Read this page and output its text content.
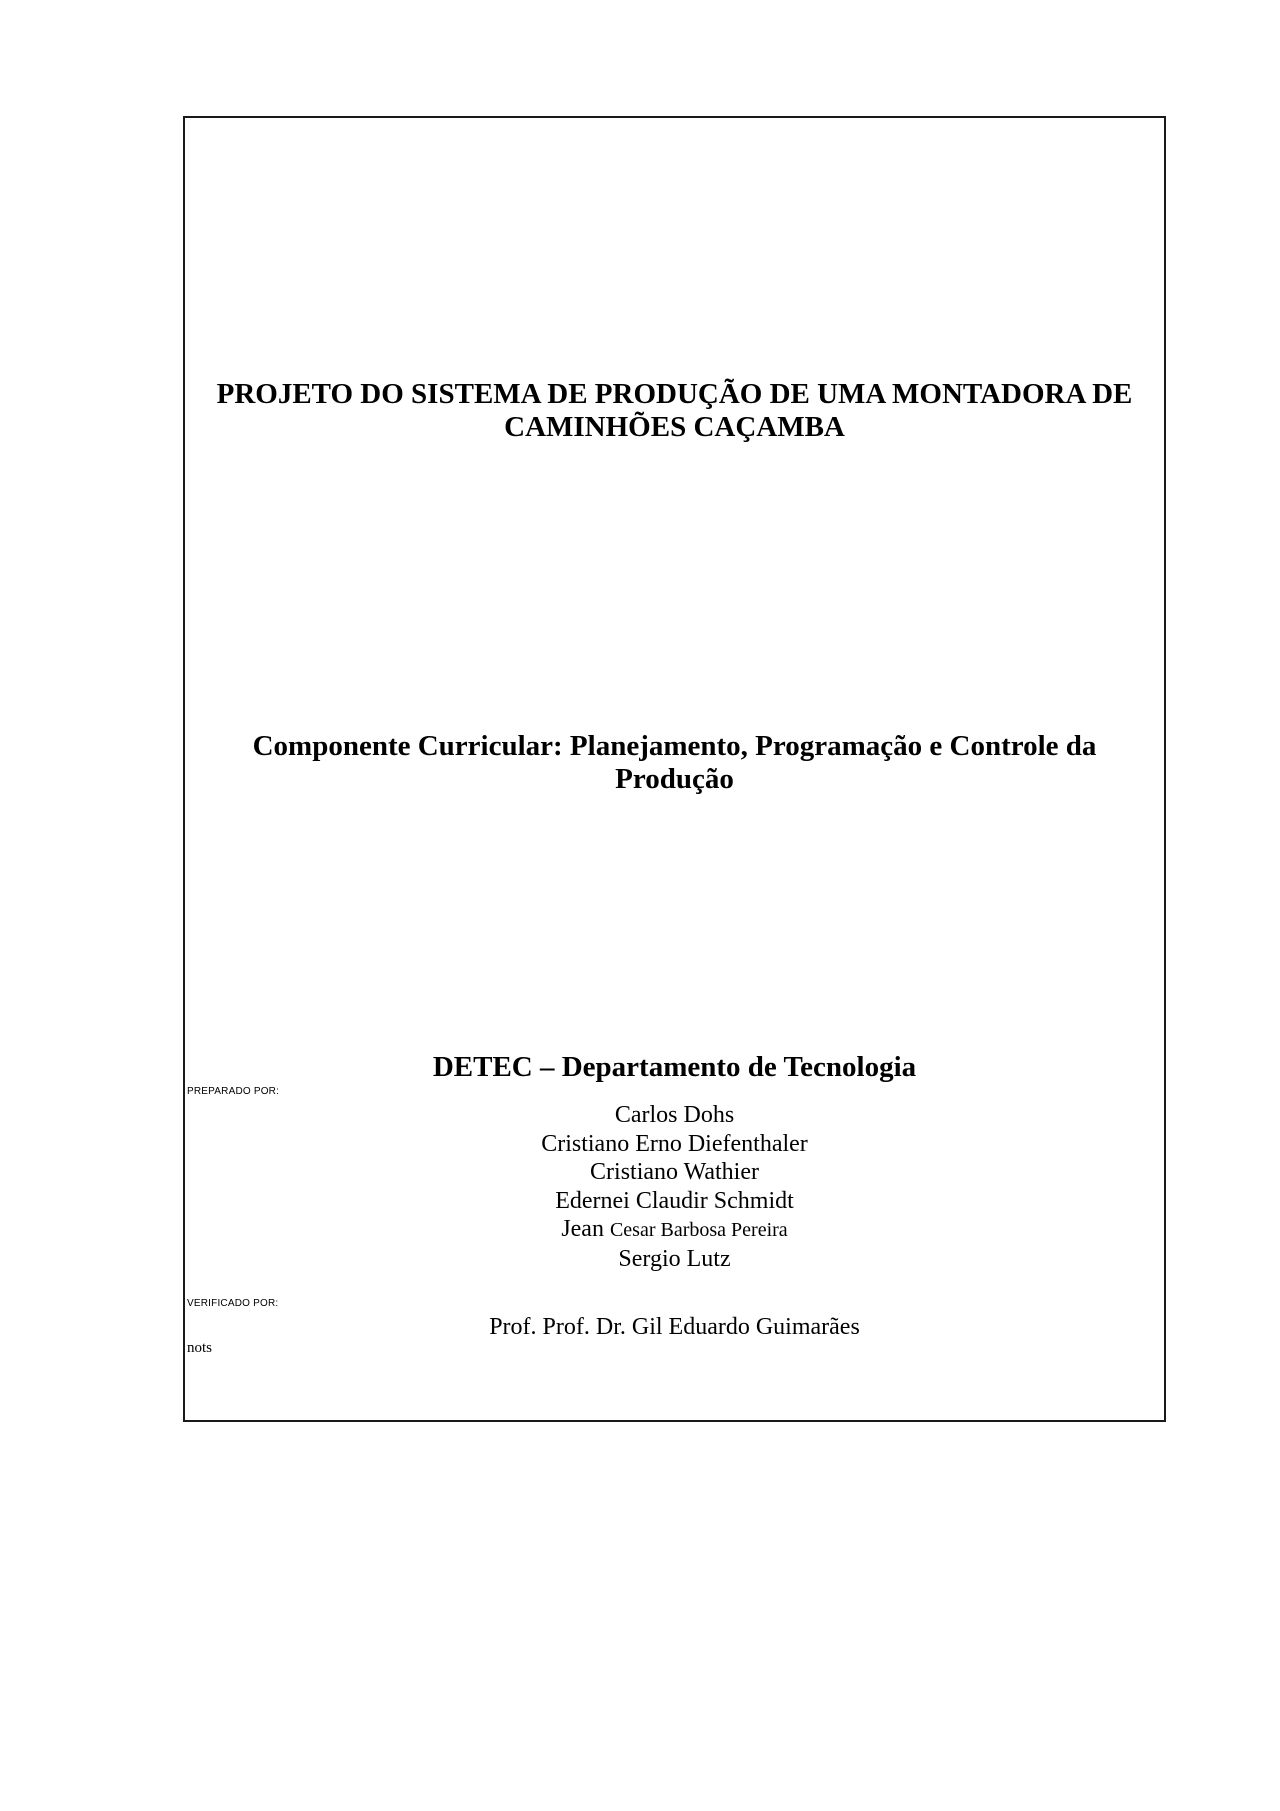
PROJETO DO SISTEMA DE PRODUÇÃO DE UMA MONTADORA DE
CAMINHÕES CAÇAMBA
Componente Curricular: Planejamento, Programação e Controle da
Produção
DETEC – Departamento de Tecnologia
PREPARADO POR:
Carlos Dohs
Cristiano Erno Diefenthaler
Cristiano Wathier
Edernei Claudir Schmidt
Jean Cesar Barbosa Pereira
Sergio Lutz
VERIFICADO POR:
Prof. Prof. Dr. Gil Eduardo Guimarães
nots
